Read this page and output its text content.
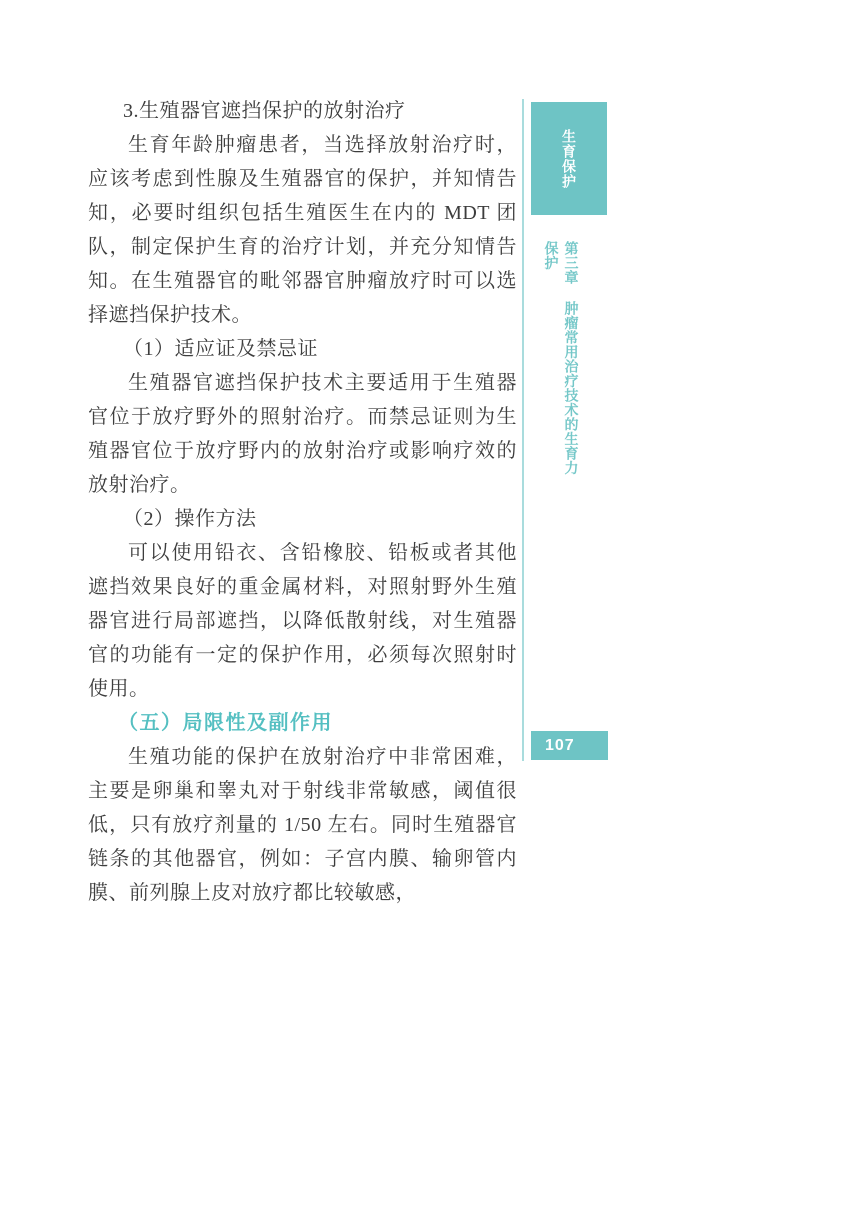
3.生殖器官遮挡保护的放射治疗

生育年龄肿瘤患者，当选择放射治疗时，应该考虑到性腺及生殖器官的保护，并知情告知，必要时组织包括生殖医生在内的 MDT 团队，制定保护生育的治疗计划，并充分知情告知。在生殖器官的毗邻器官肿瘤放疗时可以选择遮挡保护技术。

（1）适应证及禁忌证

生殖器官遮挡保护技术主要适用于生殖器官位于放疗野外的照射治疗。而禁忌证则为生殖器官位于放疗野内的放射治疗或影响疗效的放射治疗。

（2）操作方法

可以使用铅衣、含铅橡胶、铅板或者其他遮挡效果良好的重金属材料，对照射野外生殖器官进行局部遮挡，以降低散射线，对生殖器官的功能有一定的保护作用，必须每次照射时使用。

（五）局限性及副作用

生殖功能的保护在放射治疗中非常困难，主要是卵巢和睾丸对于射线非常敏感，阈值很低，只有放疗剂量的 1/50 左右。同时生殖器官链条的其他器官，例如：子宫内膜、输卵管内膜、前列腺上皮对放疗都比较敏感，

生育保护
第三章 肿瘤常用治疗技术的生育力保护
107
